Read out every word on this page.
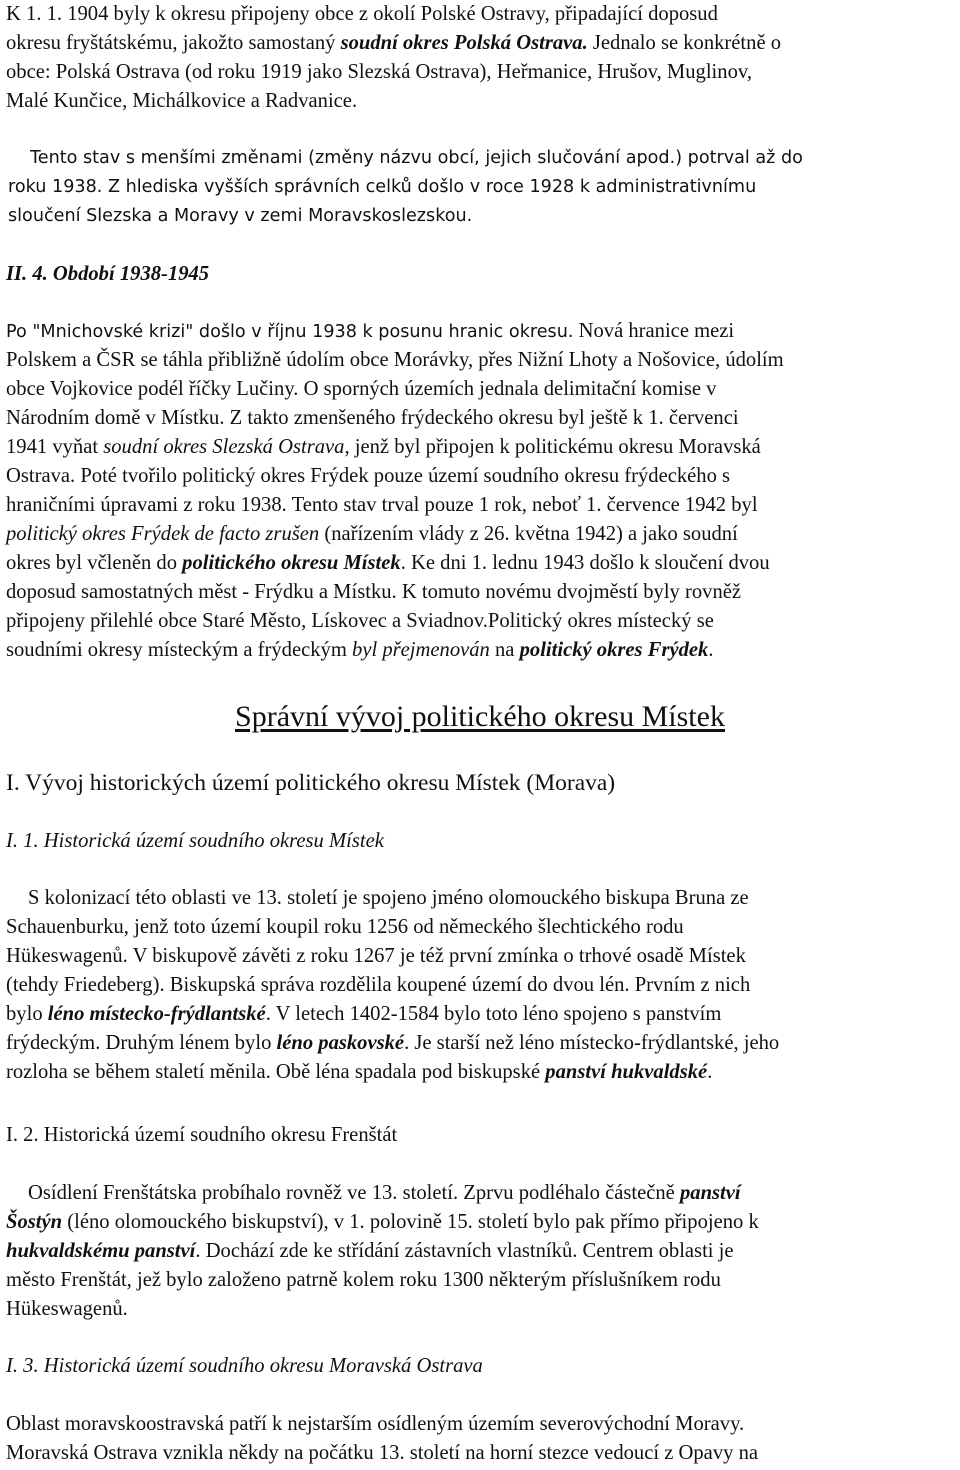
K 1. 1. 1904 byly k okresu připojeny obce z okolí Polské Ostravy, připadající doposud
okresu fryštátskému, jakožto samostaný soudní okres Polská Ostrava. Jednalo se konkrétně o
obce: Polská Ostrava (od roku 1919 jako Slezská Ostrava), Heřmanice, Hrušov, Muglinov,
Malé Kunčice, Michálkovice a Radvanice.

Tento stav s menšími změnami (změny názvu obcí, jejich slučování apod.) potrval až do
roku 1938. Z hlediska vyšších správních celků došlo v roce 1928 k administrativnímu
sloučení Slezska a Moravy v zemi Moravskoslezskou.

II. 4. Období 1938-1945

Po "Mnichovské krizi" došlo v říjnu 1938 k posunu hranic okresu. Nová hranice mezi
Polskem a ČSR se táhla přibližně údolím obce Morávky, přes Nižní Lhoty a Nošovice, údolím
obce Vojkovice podél říčky Lučiny. O sporných územích jednala delimitační komise v
Národním domě v Místku. Z takto zmenšeného frýdeckého okresu byl ještě k 1. červenci
1941 vyňat soudní okres Slezská Ostrava, jenž byl připojen k politickému okresu Moravská
Ostrava. Poté tvořilo politický okres Frýdek pouze území soudního okresu frýdeckého s
hraničními úpravami z roku 1938. Tento stav trval pouze 1 rok, neboť 1. července 1942 byl
politický okres Frýdek de facto zrušen (nařízením vlády z 26. května 1942) a jako soudní
okres byl včleněn do politického okresu Místek. Ke dni 1. lednu 1943 došlo k sloučení dvou
doposud samostatných měst - Frýdku a Místku. K tomuto novému dvojměstí byly rovněž
připojeny přilehlé obce Staré Město, Lískovec a Sviadnov.Politický okres místecký se
soudními okresy místeckým a frýdeckým byl přejmenován na politický okres Frýdek.

Správní vývoj politického okresu Místek
I. Vývoj historických území politického okresu Místek (Morava)
I. 1. Historická území soudního okresu Místek

S kolonizací této oblasti ve 13. století je spojeno jméno olomouckého biskupa Bruna ze
Schauenburku, jenž toto území koupil roku 1256 od německého šlechtického rodu
Hükeswagenů. V biskupově závěti z roku 1267 je též první zmínka o trhové osadě Místek
(tehdy Friedeberg). Biskupská správa rozdělila koupené území do dvou lén. Prvním z nich
bylo léno místecko-frýdlantské. V letech 1402-1584 bylo toto léno spojeno s panstvím
frýdeckým. Druhým lénem bylo léno paskovské. Je starší než léno místecko-frýdlantské, jeho
rozloha se během staletí měnila. Obě léna spadala pod biskupské panství hukvaldské.

I. 2. Historická území soudního okresu Frenštát

Osídlení Frenštátska probíhalo rovněž ve 13. století. Zprvu podléhalo částečně panství
Šostýn (léno olomouckého biskupství), v 1. polovině 15. století bylo pak přímo připojeno k
hukvaldskému panství. Dochází zde ke střídání zástavních vlastníků. Centrem oblasti je
město Frenštát, jež bylo založeno patrně kolem roku 1300 některým příslušníkem rodu
Hükeswagenů.

I. 3. Historická území soudního okresu Moravská Ostrava

Oblast moravskoostravská patří k nejstarším osídleným územím severovýchodní Moravy.
Moravská Ostrava vznikla někdy na počátku 13. století na horní stezce vedoucí z Opavy na
